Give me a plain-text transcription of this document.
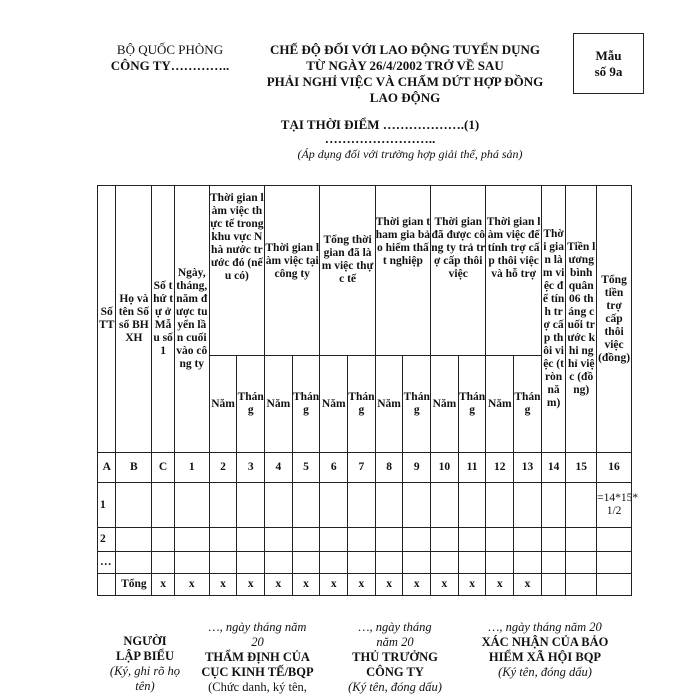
BỘ QUỐC PHÒNG
CÔNG TY…………..
CHẾ ĐỘ ĐỐI VỚI LAO ĐỘNG TUYỂN DỤNG
TỪ NGÀY 26/4/2002 TRỞ VỀ SAU
PHẢI NGHỈ VIỆC VÀ CHẤM DỨT HỢP ĐỒNG
LAO ĐỘNG
Mẫu
số 9a
TẠI THỜI ĐIỂM ……………….(1)
……………………..
(Áp dụng đối với trường hợp giải thể, phá sản)
Số TT	Họ và tên Số sổ BHXH	Số thứ tự ở Mẫu số 1	Ngày, tháng, năm được tuyển lần cuối vào công ty	Thời gian làm việc thực tế trong khu vực Nhà nước trước đó (nếu có)		Thời gian làm việc tại công ty		Tổng thời gian đã làm việc thực tế		Thời gian tham gia bảo hiểm thất nghiệp		Thời gian đã được công ty trả trợ cấp thôi việc		Thời gian làm việc để tính trợ cấp thôi việc và hỗ trợ		Thời gian làm việc để tính trợ cấp thôi việc (tròn năm)	Tiền lương bình quân 06 tháng cuối trước khi nghỉ việc (đồng)	Tổng tiền trợ cấp thôi việc (đồng)

				Năm	Tháng	Năm	Tháng	Năm	Tháng	Năm	Tháng	Năm	Tháng	Năm	Tháng			

A	B	C	1	2	3	4	5	6	7	8	9	10	11	12	13	14	15	16
1																		=14*15* 1/2
2																		
…																		
	Tổng	x	x	x	x	x	x	x	x	x	x	x	x	x	x			
NGƯỜI
LẬP BIỂU
(Ký, ghi rõ họ tên)
…, ngày tháng năm
20
THẨM ĐỊNH CỦA
CỤC KINH TẾ/BQP
(Chức danh, ký tên,
…, ngày tháng
năm 20
THỦ TRƯỞNG
CÔNG TY
(Ký tên, đóng dấu)
…, ngày tháng năm 20
XÁC NHẬN CỦA BẢO
HIỂM XÃ HỘI BQP
(Ký tên, đóng dấu)
